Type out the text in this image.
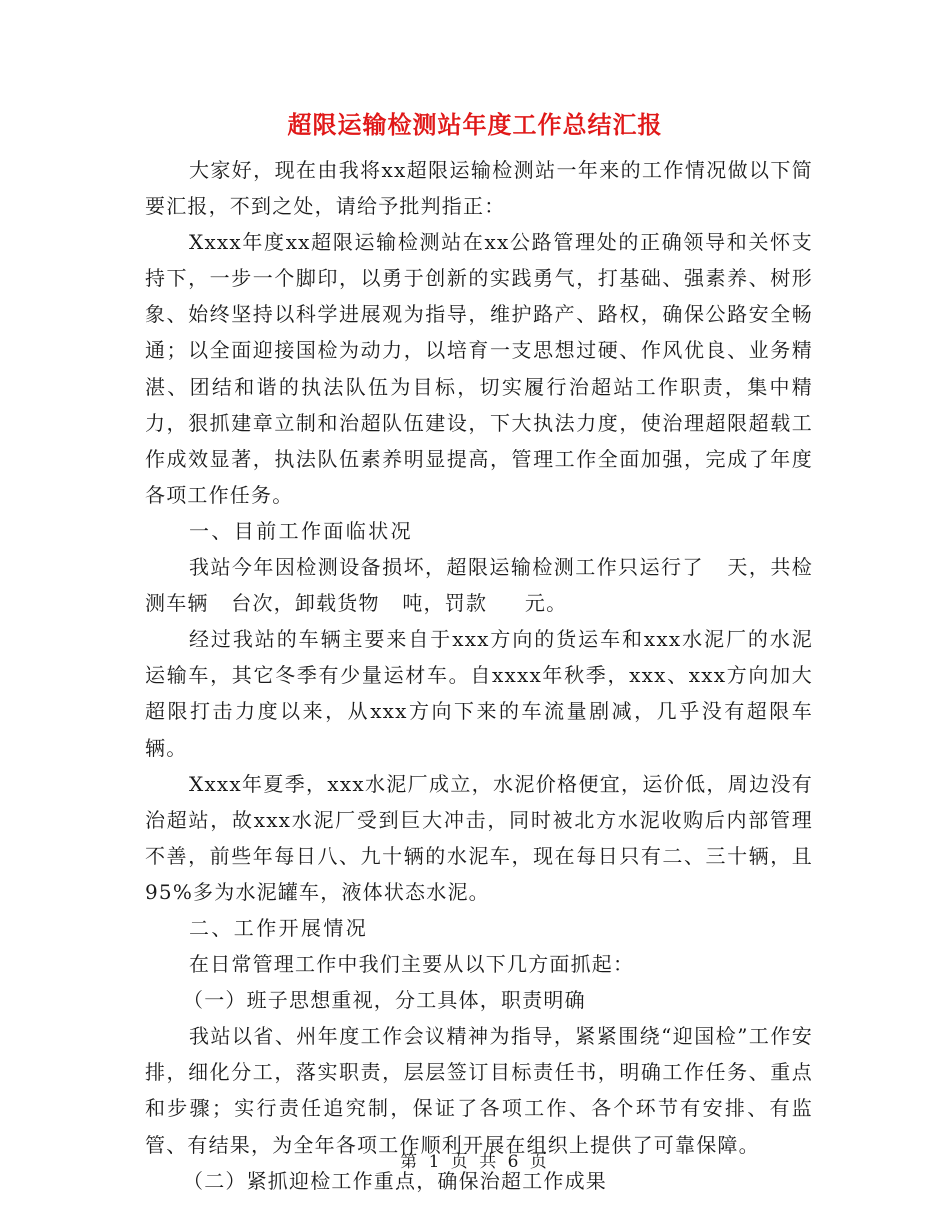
超限运输检测站年度工作总结汇报

大家好，现在由我将xx超限运输检测站一年来的工作情况做以下简要汇报，不到之处，请给予批判指正：

Xxxx年度xx超限运输检测站在xx公路管理处的正确领导和关怀支持下，一步一个脚印，以勇于创新的实践勇气，打基础、强素养、树形象、始终坚持以科学进展观为指导，维护路产、路权，确保公路安全畅通；以全面迎接国检为动力，以培育一支思想过硬、作风优良、业务精湛、团结和谐的执法队伍为目标，切实履行治超站工作职责，集中精力，狠抓建章立制和治超队伍建设，下大执法力度，使治理超限超载工作成效显著，执法队伍素养明显提高，管理工作全面加强，完成了年度各项工作任务。

一、目前工作面临状况

我站今年因检测设备损坏，超限运输检测工作只运行了   天，共检测车辆   台次，卸载货物   吨，罚款     元。

经过我站的车辆主要来自于xxx方向的货运车和xxx水泥厂的水泥运输车，其它冬季有少量运材车。自xxxx年秋季，xxx、xxx方向加大超限打击力度以来，从xxx方向下来的车流量剧减，几乎没有超限车辆。

Xxxx年夏季，xxx水泥厂成立，水泥价格便宜，运价低，周边没有治超站，故xxx水泥厂受到巨大冲击，同时被北方水泥收购后内部管理不善，前些年每日八、九十辆的水泥车，现在每日只有二、三十辆，且95%多为水泥罐车，液体状态水泥。

二、工作开展情况

在日常管理工作中我们主要从以下几方面抓起：

（一）班子思想重视，分工具体，职责明确

我站以省、州年度工作会议精神为指导，紧紧围绕“迎国检”工作安排，细化分工，落实职责，层层签订目标责任书，明确工作任务、重点和步骤；实行责任追究制，保证了各项工作、各个环节有安排、有监管、有结果，为全年各项工作顺利开展在组织上提供了可靠保障。

（二）紧抓迎检工作重点，确保治超工作成果

第 1 页 共 6 页
